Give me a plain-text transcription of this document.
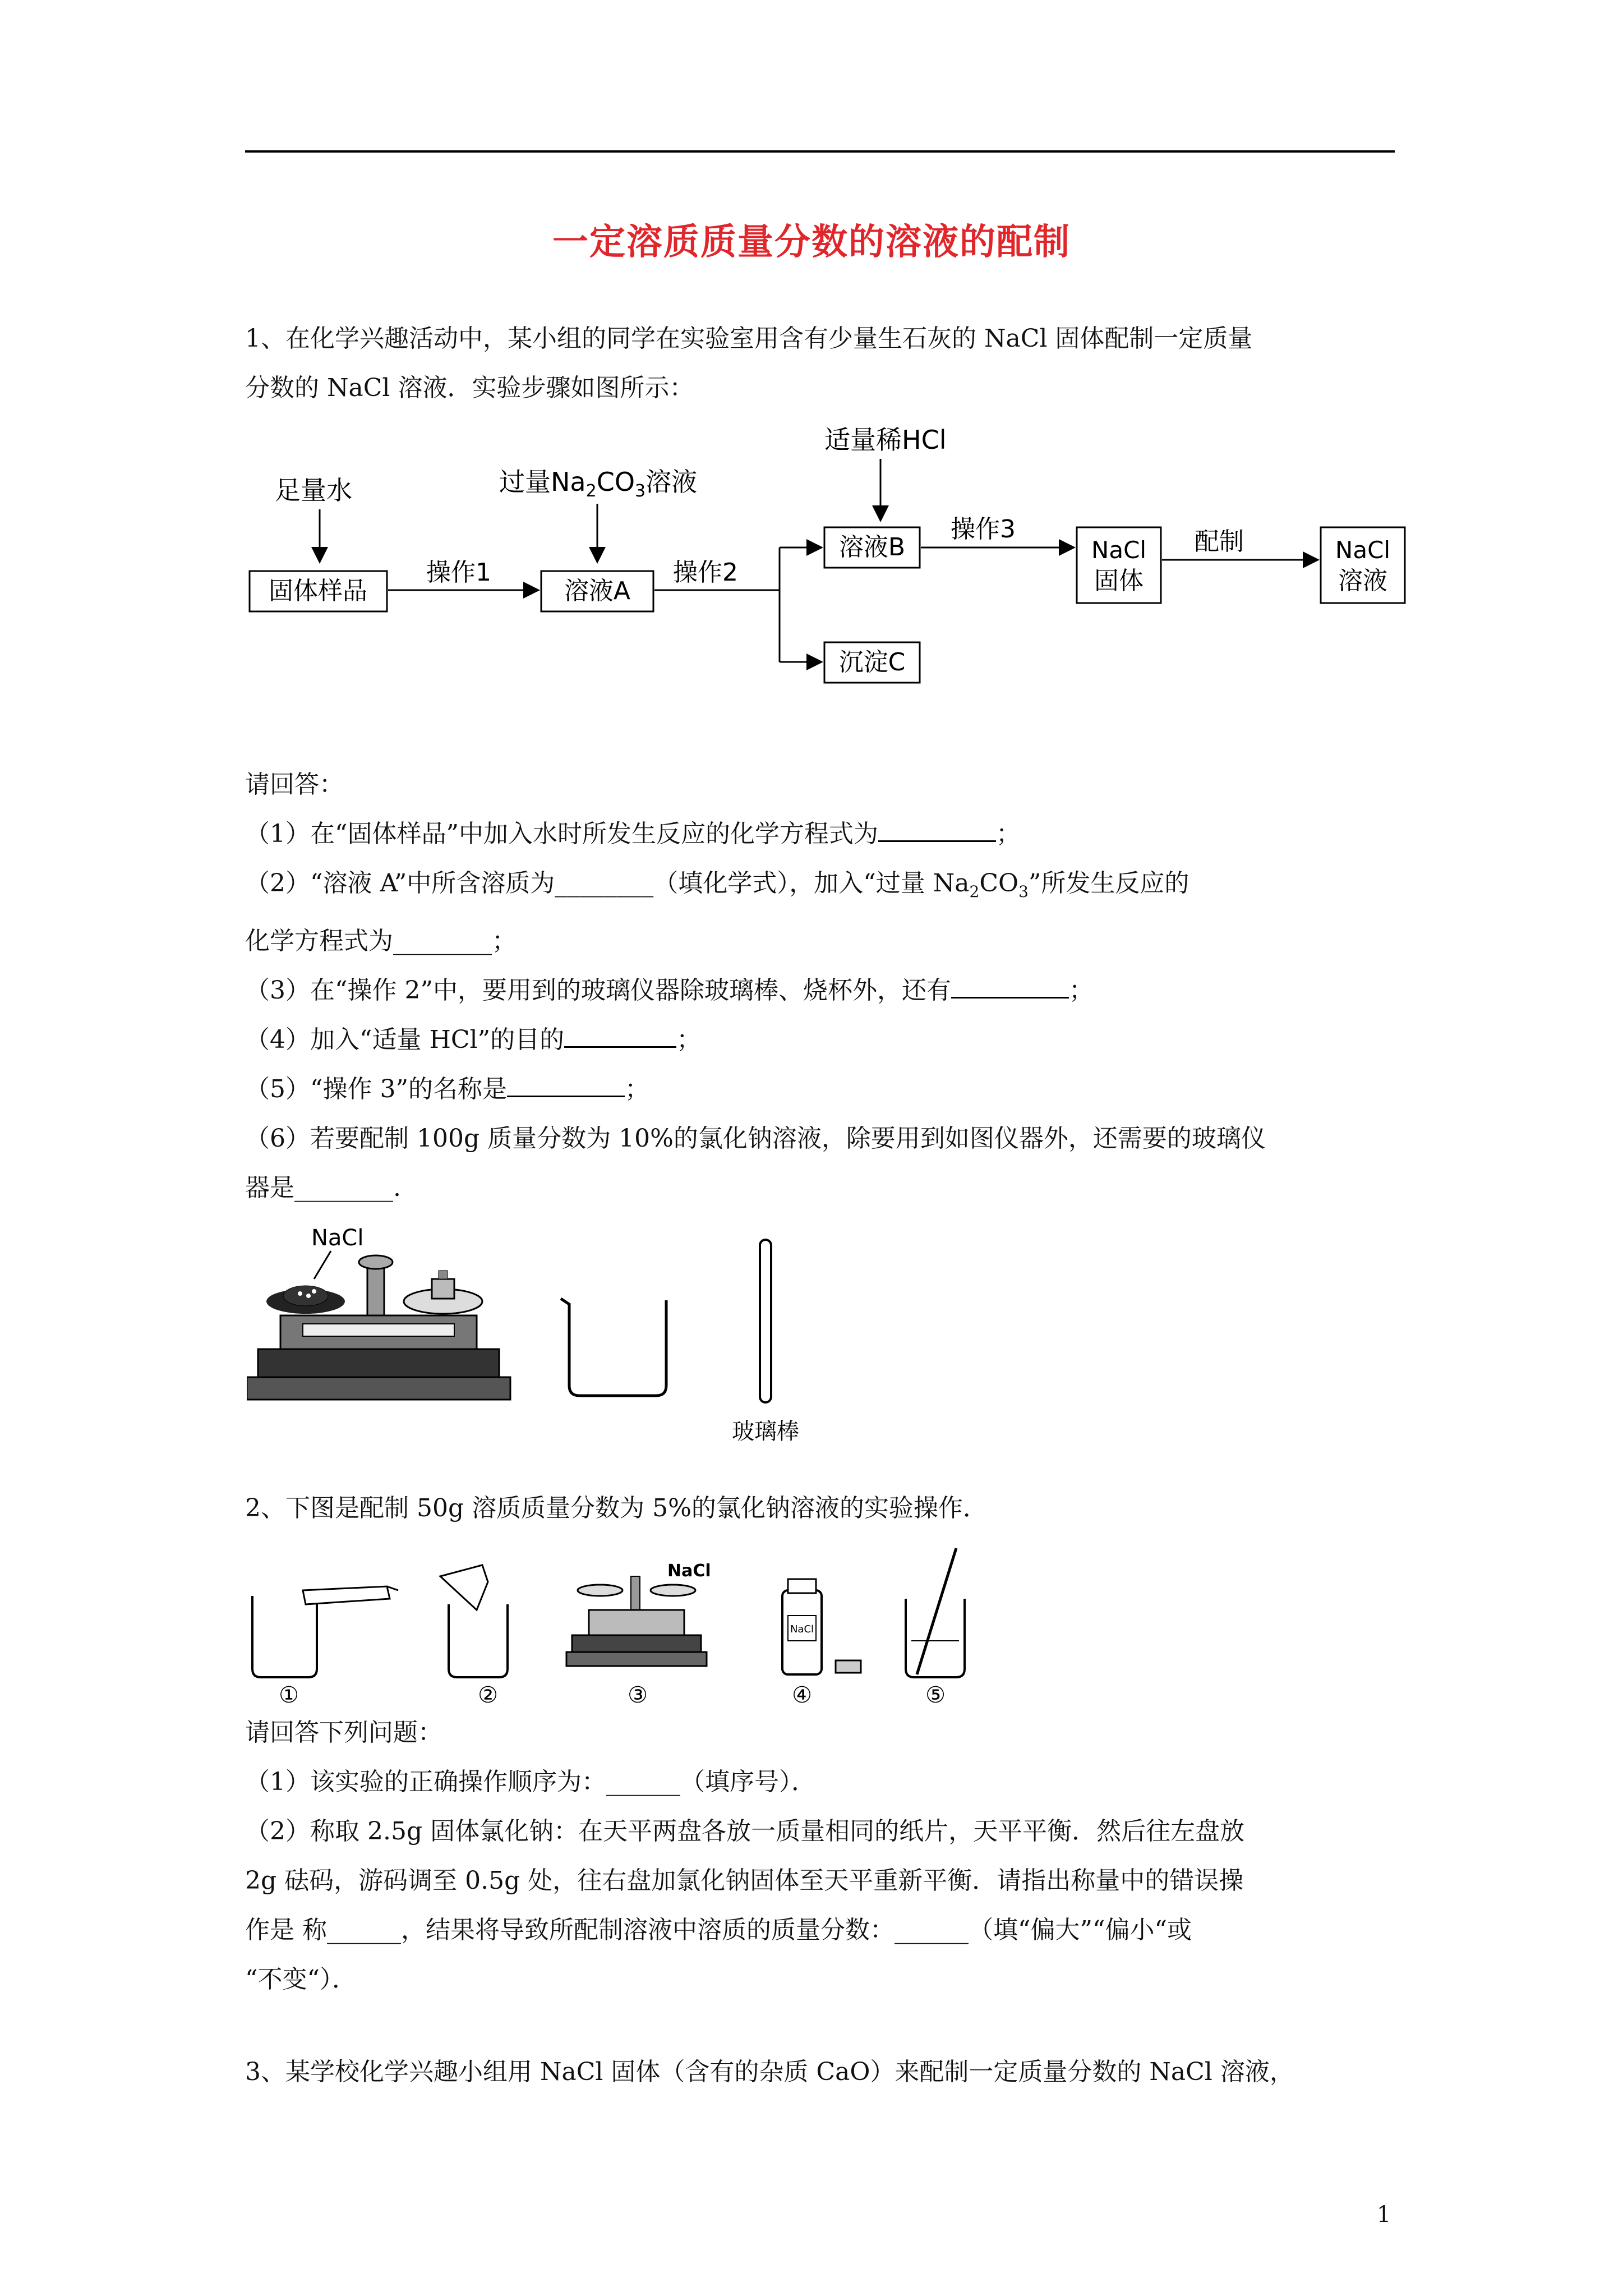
一定溶质质量分数的溶液的配制
1、在化学兴趣活动中，某小组的同学在实验室用含有少量生石灰的 NaCl 固体配制一定质量
分数的 NaCl 溶液．实验步骤如图所示：
足量水	过量$Na_2CO_3$溶液
适量稀HCl
固体样品	溶液A
溶液B
沉淀C
NaCl
固体
NaCl
溶液
操作1	操作2
操作3	配制
请回答：
（1）在“固体样品”中加入水时所发生反应的化学方程式为	；
（2）“溶液 A”中所含溶质为________（填化学式），加入“过量 $Na_2CO_3$”所发生反应的
化学方程式为________；
（3）在“操作 2”中，要用到的玻璃仪器除玻璃棒、烧杯外，还有	；
（4）加入“适量 HCl”的目的	；
（5）“操作 3”的名称是	；
（6）若要配制 100g 质量分数为 10%的氯化钠溶液，除要用到如图仪器外，还需要的玻璃仪
器是________.
NaCl
玻璃棒
2、下图是配制 50g 溶质质量分数为 5%的氯化钠溶液的实验操作．
①	②
NaCl
③
NaCl
④	⑤
请回答下列问题：
（1）该实验的正确操作顺序为：______（填序号）．
（2）称取 2.5g 固体氯化钠：在天平两盘各放一质量相同的纸片，天平平衡．然后往左盘放
2g 砝码，游码调至 0.5g 处，往右盘加氯化钠固体至天平重新平衡．请指出称量中的错误操
作是 称______，结果将导致所配制溶液中溶质的质量分数：______（填“偏大”“偏小“或
“不变“）．
3、某学校化学兴趣小组用 NaCl 固体（含有的杂质 CaO）来配制一定质量分数的 NaCl 溶液，
1
